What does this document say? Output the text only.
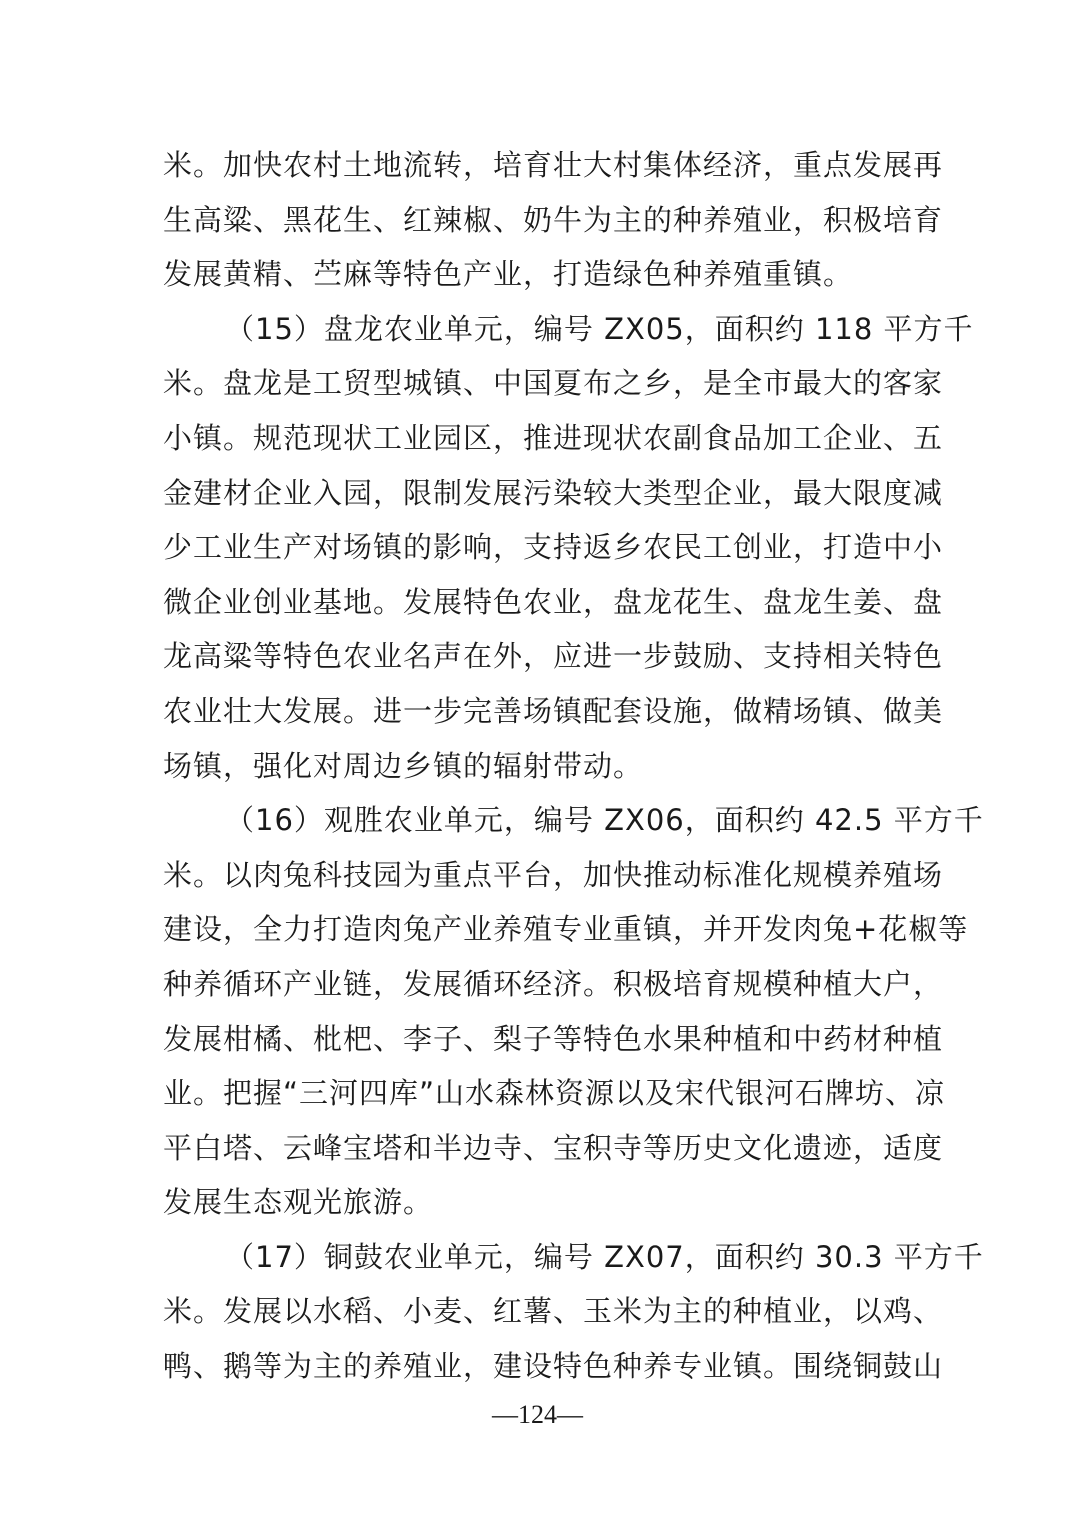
米。加快农村土地流转，培育壮大村集体经济，重点发展再
生高粱、黑花生、红辣椒、奶牛为主的种养殖业，积极培育
发展黄精、苎麻等特色产业，打造绿色种养殖重镇。
（15）盘龙农业单元，编号 ZX05，面积约 118 平方千
米。盘龙是工贸型城镇、中国夏布之乡，是全市最大的客家
小镇。规范现状工业园区，推进现状农副食品加工企业、五
金建材企业入园，限制发展污染较大类型企业，最大限度减
少工业生产对场镇的影响，支持返乡农民工创业，打造中小
微企业创业基地。发展特色农业，盘龙花生、盘龙生姜、盘
龙高粱等特色农业名声在外，应进一步鼓励、支持相关特色
农业壮大发展。进一步完善场镇配套设施，做精场镇、做美
场镇，强化对周边乡镇的辐射带动。
（16）观胜农业单元，编号 ZX06，面积约 42.5 平方千
米。以肉兔科技园为重点平台，加快推动标准化规模养殖场
建设，全力打造肉兔产业养殖专业重镇，并开发肉兔+花椒等
种养循环产业链，发展循环经济。积极培育规模种植大户，
发展柑橘、枇杷、李子、梨子等特色水果种植和中药材种植
业。把握“三河四库”山水森林资源以及宋代银河石牌坊、凉
平白塔、云峰宝塔和半边寺、宝积寺等历史文化遗迹，适度
发展生态观光旅游。
（17）铜鼓农业单元，编号 ZX07，面积约 30.3 平方千
米。发展以水稻、小麦、红薯、玉米为主的种植业，以鸡、
鸭、鹅等为主的养殖业，建设特色种养专业镇。围绕铜鼓山
—124—
